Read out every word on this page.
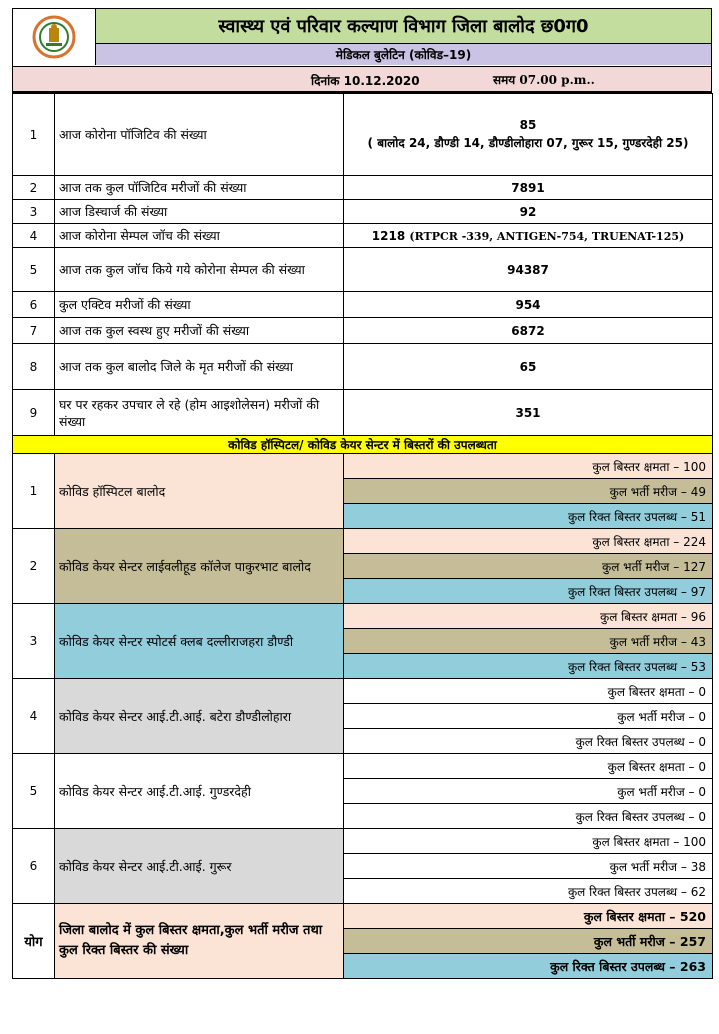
स्वास्थ्य एवं परिवार कल्याण विभाग जिला बालोद छ0ग0
मेडिकल बुलेटिन (कोविड–19)
दिनांक 10.12.2020	समय 07.00 p.m..
1	आज कोरोना पॉजिटिव की संख्या	85
( बालोद 24, डौण्डी 14, डौण्डीलोहारा 07, गुरूर 15, गुण्डरदेही 25)

2	आज तक कुल पॉजिटिव मरीजों की संख्या	7891
3	आज डिस्चार्ज की संख्या	92
4	आज कोरोना सेम्पल जॉच की संख्या	1218 (RTPCR -339, ANTIGEN-754, TRUENAT-125)
5	आज तक कुल जॉच किये गये कोरोना सेम्पल की संख्या	94387
6	कुल एक्टिव मरीजों की संख्या	954
7	आज तक कुल स्वस्थ हुए मरीजों की संख्या	6872
8	आज तक कुल बालोद जिले के मृत मरीजों की संख्या	65
9	घर पर रहकर उपचार ले रहे (होम आइशोलेसन) मरीजों की संख्या	351
कोविड हॉस्पिटल/ कोविड केयर सेन्टर में बिस्तरों की उपलब्धता		
1	कोविड हॉस्पिटल बालोद	कुल बिस्तर क्षमता – 100
		कुल भर्ती मरीज – 49
		कुल रिक्त बिस्तर उपलब्ध – 51
2	कोविड केयर सेन्टर लाईवलीहूड कॉलेज पाकुरभाट बालोद	कुल बिस्तर क्षमता – 224
		कुल भर्ती मरीज – 127
		कुल रिक्त बिस्तर उपलब्ध – 97
3	कोविड केयर सेन्टर स्पोटर्स क्लब दल्लीराजहरा डौण्डी	कुल बिस्तर क्षमता – 96
		कुल भर्ती मरीज – 43
		कुल रिक्त बिस्तर उपलब्ध – 53
4	कोविड केयर सेन्टर आई.टी.आई. बटेरा डौण्डीलोहारा	कुल बिस्तर क्षमता – 0
		कुल भर्ती मरीज – 0
		कुल रिक्त बिस्तर उपलब्ध – 0
5	कोविड केयर सेन्टर आई.टी.आई. गुण्डरदेही	कुल बिस्तर क्षमता – 0
		कुल भर्ती मरीज – 0
		कुल रिक्त बिस्तर उपलब्ध – 0
6	कोविड केयर सेन्टर आई.टी.आई. गुरूर	कुल बिस्तर क्षमता – 100
		कुल भर्ती मरीज – 38
		कुल रिक्त बिस्तर उपलब्ध – 62
योग	जिला बालोद में कुल बिस्तर क्षमता,कुल भर्ती मरीज तथा कुल रिक्त बिस्तर की संख्या	कुल बिस्तर क्षमता – 520
		कुल भर्ती मरीज – 257
		कुल रिक्त बिस्तर उपलब्ध – 263
